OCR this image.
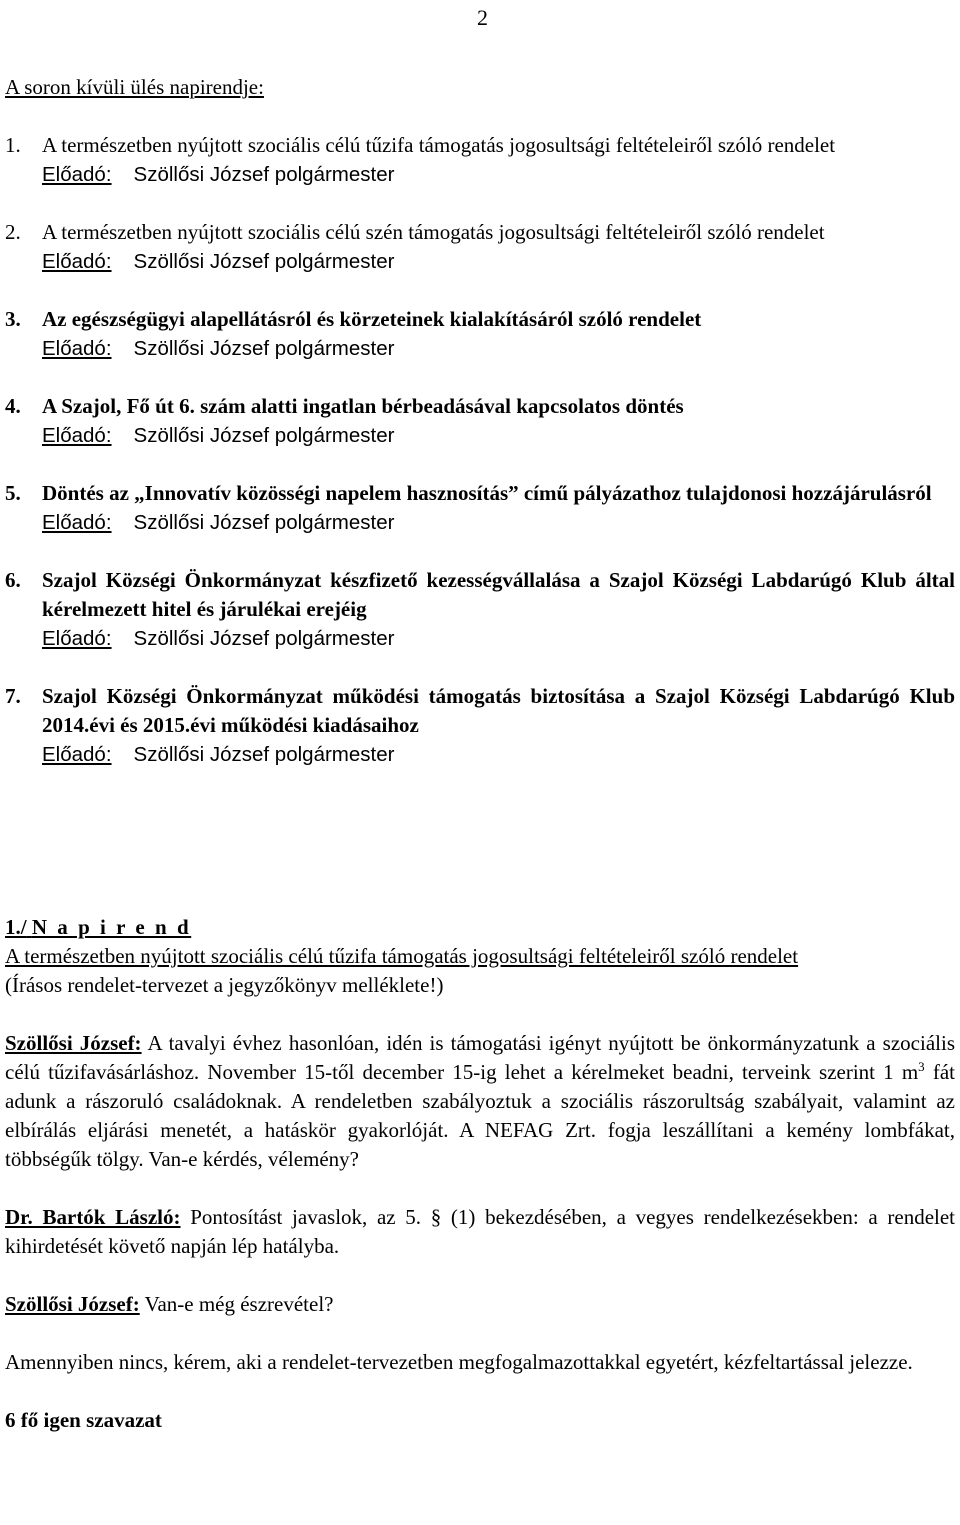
2
A soron kívüli ülés napirendje:
1.	A természetben nyújtott szociális célú tűzifa támogatás jogosultsági feltételeiről szóló rendelet
Előadó: Szöllősi József polgármester
2.	A természetben nyújtott szociális célú szén támogatás jogosultsági feltételeiről szóló rendelet
Előadó: Szöllősi József polgármester
3.	Az egészségügyi alapellátásról és körzeteinek kialakításáról szóló rendelet
Előadó: Szöllősi József polgármester
4.	A Szajol, Fő út 6. szám alatti ingatlan bérbeadásával kapcsolatos döntés
Előadó: Szöllősi József polgármester
5.	Döntés az „Innovatív közösségi napelem hasznosítás” című pályázathoz tulajdonosi hozzájárulásról
Előadó: Szöllősi József polgármester
6.	Szajol Községi Önkormányzat készfizető kezességvállalása a Szajol Községi Labdarúgó Klub által kérelmezett hitel és járulékai erejéig
Előadó: Szöllősi József polgármester
7.	Szajol Községi Önkormányzat működési támogatás biztosítása a Szajol Községi Labdarúgó Klub 2014.évi és 2015.évi működési kiadásaihoz
Előadó: Szöllősi József polgármester
1./ N a p i r e n d
A természetben nyújtott szociális célú tűzifa támogatás jogosultsági feltételeiről szóló rendelet
(Írásos rendelet-tervezet a jegyzőkönyv melléklete!)
Szöllősi József: A tavalyi évhez hasonlóan, idén is támogatási igényt nyújtott be önkormányzatunk a szociális célú tűzifavásárláshoz. November 15-től december 15-ig lehet a kérelmeket beadni, terveink szerint 1 $m^3$ fát adunk a rászoruló családoknak. A rendeletben szabályoztuk a szociális rászorultság szabályait, valamint az elbírálás eljárási menetét, a hatáskör gyakorlóját. A NEFAG Zrt. fogja leszállítani a kemény lombfákat, többségűk tölgy. Van-e kérdés, vélemény?
Dr. Bartók László: Pontosítást javaslok, az 5. § (1) bekezdésében, a vegyes rendelkezésekben: a rendelet kihirdetését követő napján lép hatályba.
Szöllősi József: Van-e még észrevétel?
Amennyiben nincs, kérem, aki a rendelet-tervezetben megfogalmazottakkal egyetért, kézfeltartással jelezze.
6 fő igen szavazat
